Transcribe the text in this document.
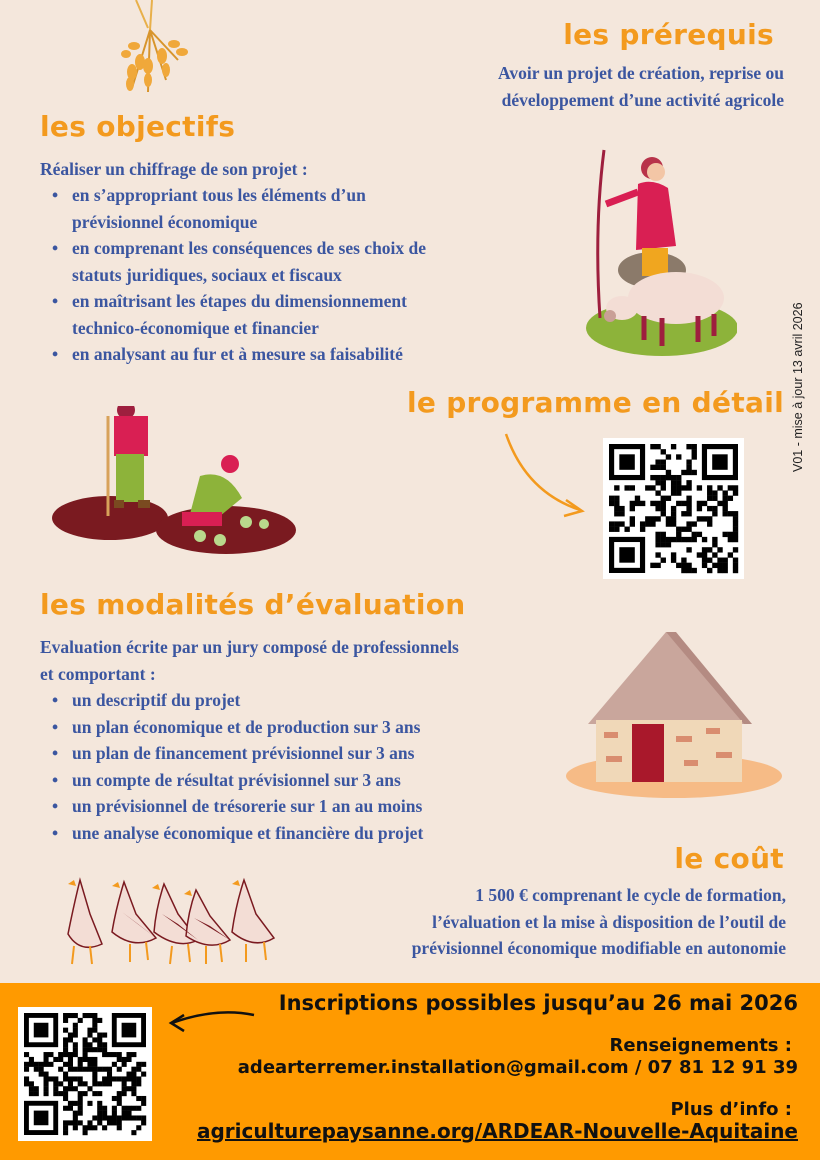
les prérequis
Avoir un projet de création, reprise ou
développement d’une activité agricole
les objectifs
Réaliser un chiffrage de son projet :
• en s’appropriant tous les éléments d’un
prévisionnel économique
• en comprenant les conséquences de ses choix de
statuts juridiques, sociaux et fiscaux
• en maîtrisant les étapes du dimensionnement
technico-économique et financier
• en analysant au fur et à mesure sa faisabilité
le programme en détail V01 - mise à jour 13 avril 2026
les modalités d’évaluation
Evaluation écrite par un jury composé de professionnels
et comportant :
• un descriptif du projet
• un plan économique et de production sur 3 ans
• un plan de financement prévisionnel sur 3 ans
• un compte de résultat prévisionnel sur 3 ans
• un prévisionnel de trésorerie sur 1 an au moins
• une analyse économique et financière du projet
le coût
1 500 € comprenant le cycle de formation,
l’évaluation et la mise à disposition de l’outil de
prévisionnel économique modifiable en autonomie
Inscriptions possibles jusqu’au 26 mai 2026
Renseignements :
adearterremer.installation@gmail.com / 07 81 12 91 39
Plus d’info :
agriculturepaysanne.org/ARDEAR-Nouvelle-Aquitaine
